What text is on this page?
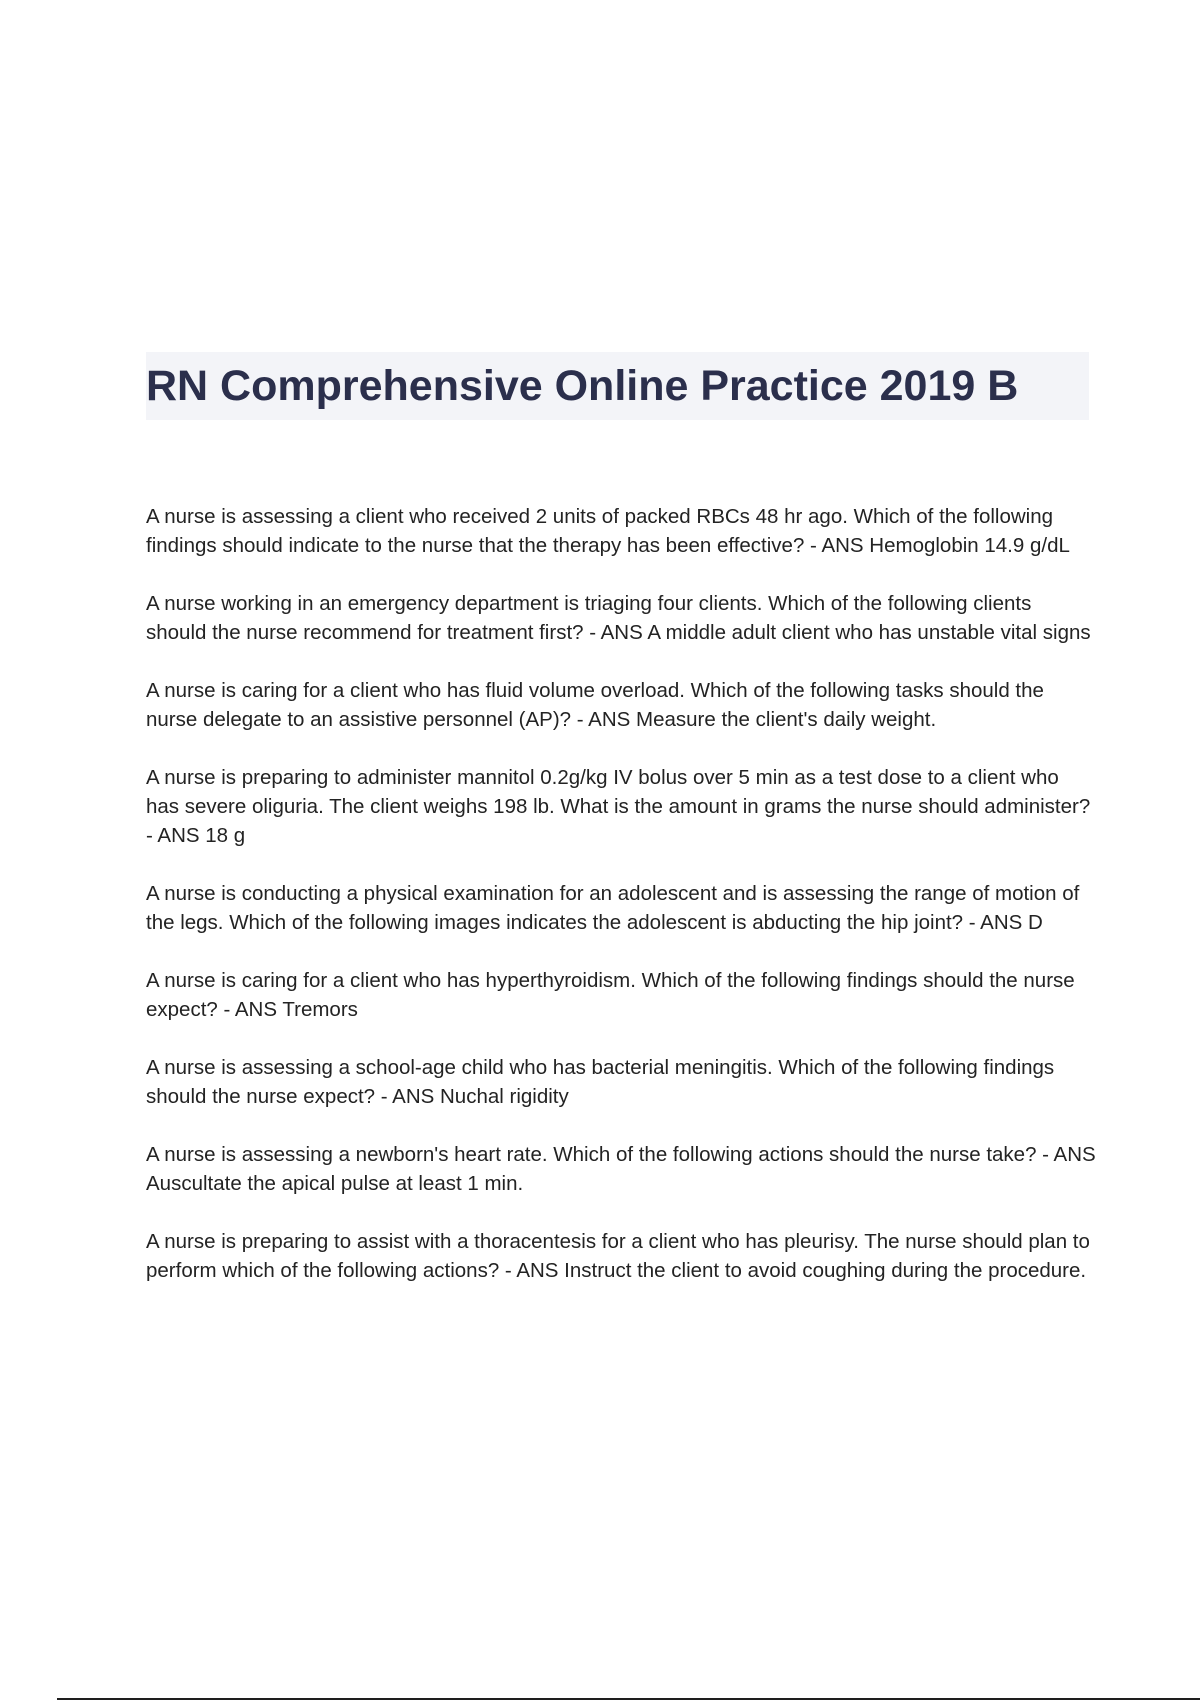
RN Comprehensive Online Practice 2019 B

A nurse is assessing a client who received 2 units of packed RBCs 48 hr ago. Which of the following findings should indicate to the nurse that the therapy has been effective? - ANS Hemoglobin 14.9 g/dL

A nurse working in an emergency department is triaging four clients. Which of the following clients should the nurse recommend for treatment first? - ANS A middle adult client who has unstable vital signs

A nurse is caring for a client who has fluid volume overload. Which of the following tasks should the nurse delegate to an assistive personnel (AP)? - ANS Measure the client's daily weight.

A nurse is preparing to administer mannitol 0.2g/kg IV bolus over 5 min as a test dose to a client who has severe oliguria. The client weighs 198 lb. What is the amount in grams the nurse should administer? - ANS 18 g

A nurse is conducting a physical examination for an adolescent and is assessing the range of motion of the legs. Which of the following images indicates the adolescent is abducting the hip joint? - ANS D

A nurse is caring for a client who has hyperthyroidism. Which of the following findings should the nurse expect? - ANS Tremors

A nurse is assessing a school-age child who has bacterial meningitis. Which of the following findings should the nurse expect? - ANS Nuchal rigidity

A nurse is assessing a newborn's heart rate. Which of the following actions should the nurse take? - ANS Auscultate the apical pulse at least 1 min.

A nurse is preparing to assist with a thoracentesis for a client who has pleurisy. The nurse should plan to perform which of the following actions? - ANS Instruct the client to avoid coughing during the procedure.
